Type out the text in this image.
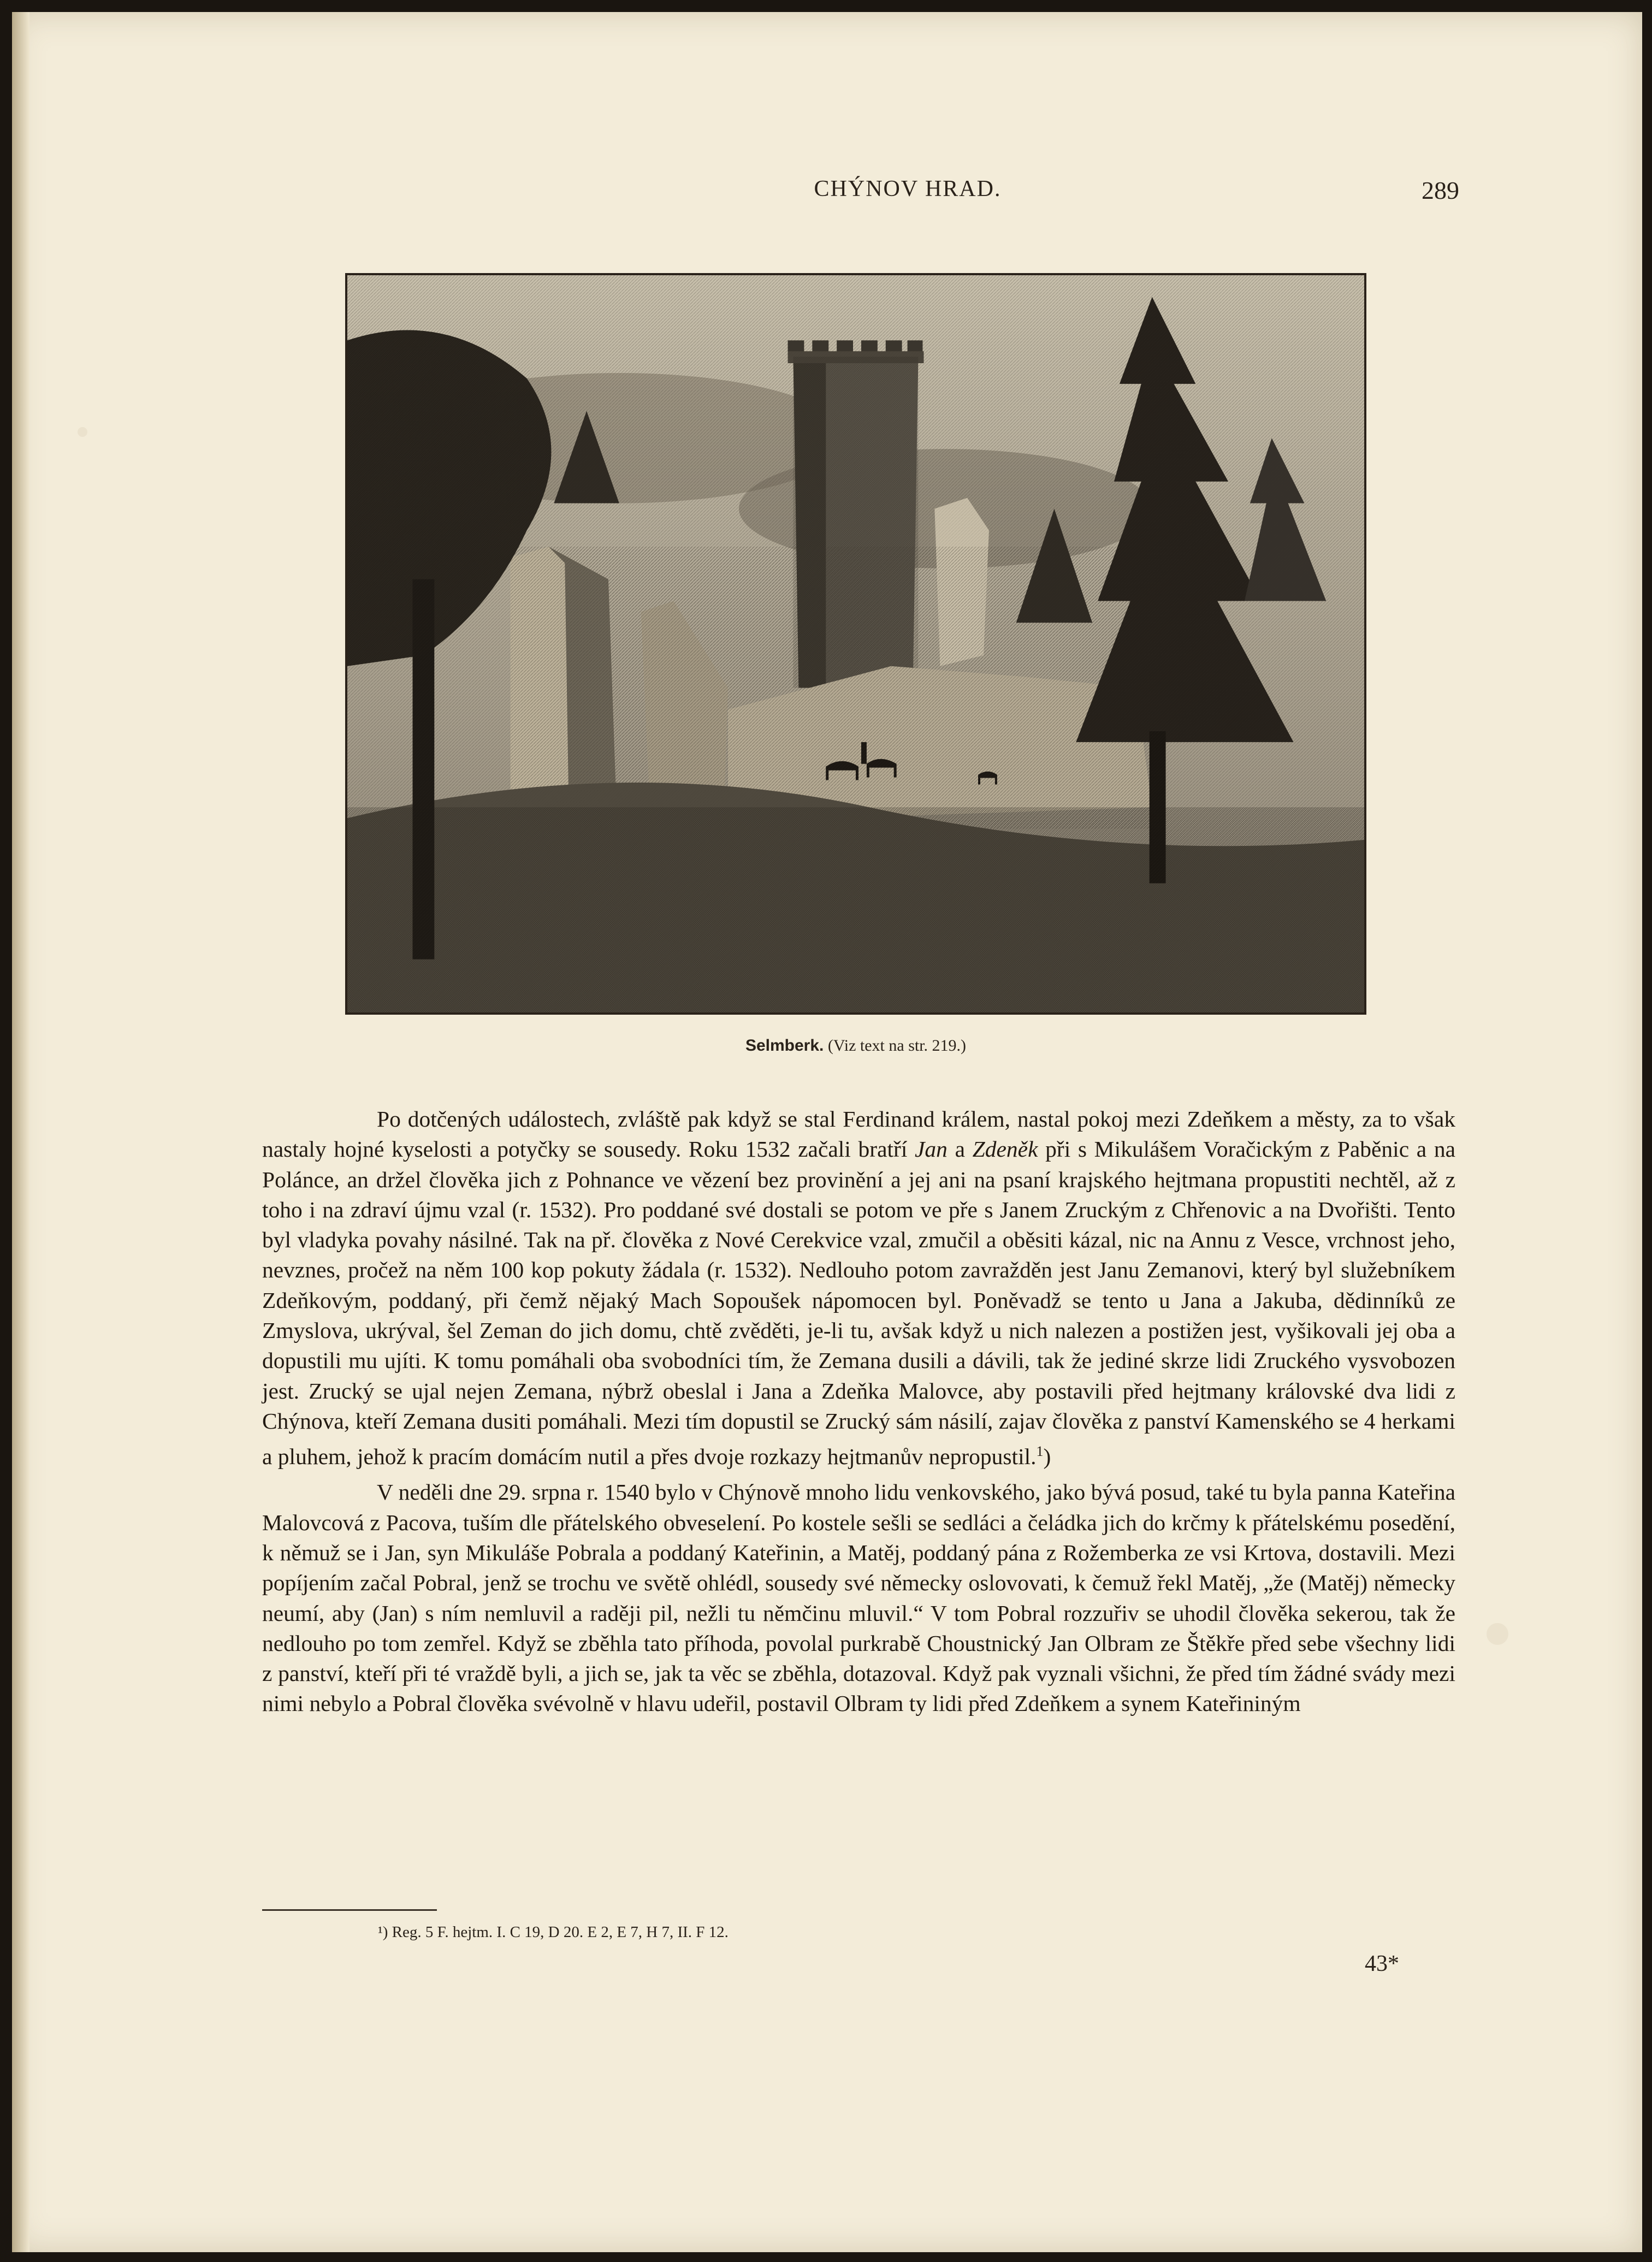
CHÝNOV HRAD.	289
Selmberk. (Viz text na str. 219.)

Po dotčených událostech, zvláště pak když se stal Ferdinand králem, nastal pokoj mezi Zdeňkem a městy, za to však nastaly hojné kyselosti a potyčky se sousedy. Roku 1532 začali bratří Jan a Zdeněk při s Mikulášem Voračickým z Paběnic a na Polánce, an držel člověka jich z Pohnance ve vězení bez provinění a jej ani na psaní krajského hejtmana propustiti nechtěl, až z toho i na zdraví újmu vzal (r. 1532). Pro poddané své dostali se potom ve pře s Janem Zruckým z Chřenovic a na Dvořišti. Tento byl vladyka povahy násilné. Tak na př. člověka z Nové Cerekvice vzal, zmučil a oběsiti kázal, nic na Annu z Vesce, vrchnost jeho, nevznes, pročež na něm 100 kop pokuty žádala (r. 1532). Nedlouho potom zavražděn jest Janu Zemanovi, který byl služebníkem Zdeňkovým, poddaný, při čemž nějaký Mach Sopoušek nápomocen byl. Poněvadž se tento u Jana a Jakuba, dědinníků ze Zmyslova, ukrýval, šel Zeman do jich domu, chtě zvěděti, je-li tu, avšak když u nich nalezen a postižen jest, vyšikovali jej oba a dopustili mu ujíti. K tomu pomáhali oba svobodníci tím, že Zemana dusili a dávili, tak že jediné skrze lidi Zruckého vysvobozen jest. Zrucký se ujal nejen Zemana, nýbrž obeslal i Jana a Zdeňka Malovce, aby postavili před hejtmany královské dva lidi z Chýnova, kteří Zemana dusiti pomáhali. Mezi tím dopustil se Zrucký sám násilí, zajav člověka z panství Kamenského se 4 herkami a pluhem, jehož k pracím domácím nutil a přes dvoje rozkazy hejtmanův nepropustil.$^1$)

V neděli dne 29. srpna r. 1540 bylo v Chýnově mnoho lidu venkovského, jako bývá posud, také tu byla panna Kateřina Malovcová z Pacova, tuším dle přátelského obveselení. Po kostele sešli se sedláci a čeládka jich do krčmy k přátelskému posedění, k němuž se i Jan, syn Mikuláše Pobrala a poddaný Kateřinin, a Matěj, poddaný pána z Rožemberka ze vsi Krtova, dostavili. Mezi popíjením začal Pobral, jenž se trochu ve světě ohlédl, sousedy své německy oslovovati, k čemuž řekl Matěj, „že (Matěj) německy neumí, aby (Jan) s ním nemluvil a raději pil, nežli tu němčinu mluvil.“ V tom Pobral rozzuřiv se uhodil člověka sekerou, tak že nedlouho po tom zemřel. Když se zběhla tato příhoda, povolal purkrabě Choustnický Jan Olbram ze Štěkře před sebe všechny lidi z panství, kteří při té vraždě byli, a jich se, jak ta věc se zběhla, dotazoval. Když pak vyznali všichni, že před tím žádné svády mezi nimi nebylo a Pobral člověka svévolně v hlavu udeřil, postavil Olbram ty lidi před Zdeňkem a synem Kateřininým

¹) Reg. 5 F. hejtm. I. C 19, D 20. E 2, E 7, H 7, II. F 12.
43*
